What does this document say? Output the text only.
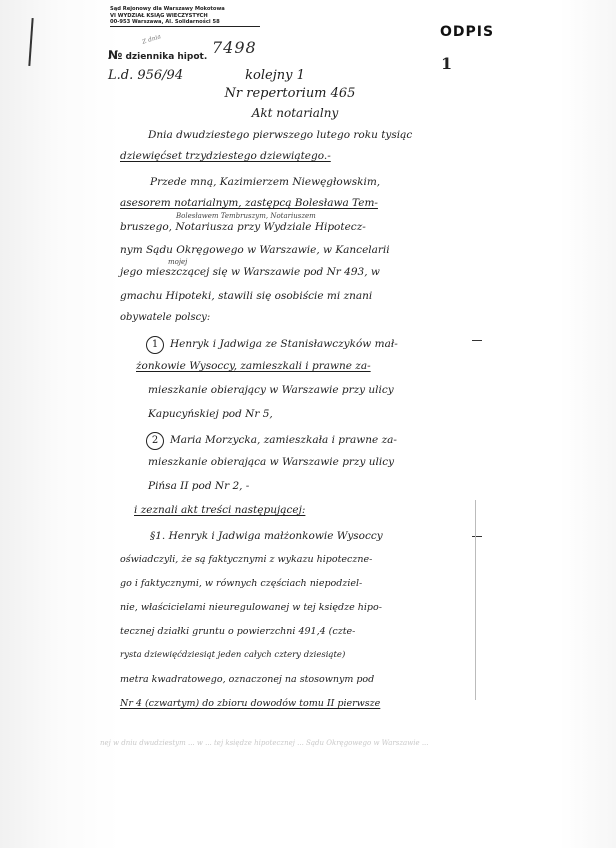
Sąd Rejonowy dla Warszawy Mokotowa
VI WYDZIAŁ KSIĄG WIECZYSTYCH
00-953 Warszawa, Al. Solidarności 58
№ dziennika hipot.
Z dnia	7498
ODPIS
1
L.d. 956/94	kolejny 1
Nr repertorium 465
Akt notarialny
Dnia dwudziestego pierwszego lutego roku tysiąc
dziewięćset trzydziestego dziewiątego.-
Przede mną, Kazimierzem Niewęgłowskim,
asesorem notarialnym, zastępcą Bolesława Tem-
Bolesławem Tembruszym, Notariuszem
bruszego, Notariusza przy Wydziale Hipotecz-
nym Sądu Okręgowego w Warszawie, w Kancelarii
mojej
jego mieszczącej się w Warszawie pod Nr 493, w
gmachu Hipoteki, stawili się osobiście mi znani
obywatele polscy:
1 Henryk i Jadwiga ze Stanisławczyków mał-
żonkowie Wysoccy, zamieszkali i prawne za-
mieszkanie obierający w Warszawie przy ulicy
Kapucyńskiej pod Nr 5,
2 Maria Morzycka, zamieszkała i prawne za-
mieszkanie obierająca w Warszawie przy ulicy
Pińsa II pod Nr 2, -
i zeznali akt treści następującej:
§1. Henryk i Jadwiga małżonkowie Wysoccy
oświadczyli, że są faktycznymi z wykazu hipoteczne-
go i faktycznymi, w równych częściach niepodziel-
nie, właścicielami nieuregulowanej w tej księdze hipo-
tecznej działki gruntu o powierzchni 491,4 (czte-
rysta dziewięćdziesiąt jeden całych cztery dziesiąte)
metra kwadratowego, oznaczonej na stosownym pod
Nr 4 (czwartym) do zbioru dowodów tomu II pierwsze
nej w dniu dwudziestym ... w ... tej księdze hipotecznej ... Sądu Okręgowego w Warszawie ...
